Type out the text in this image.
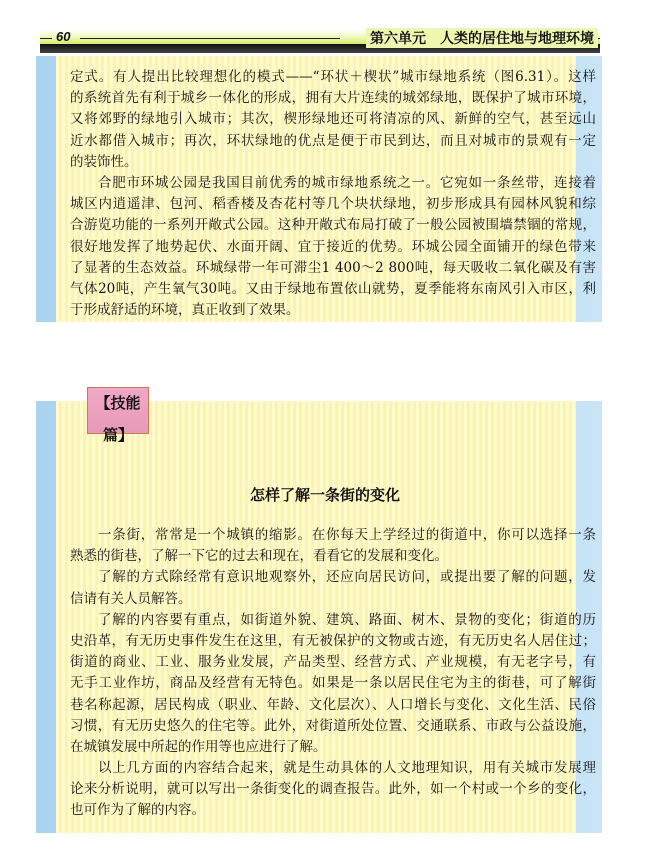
60	第六单元　人类的居住地与地理环境
定式。有人提出比较理想化的模式——“环状＋楔状”城市绿地系统（图6.31）。这样
的系统首先有利于城乡一体化的形成，拥有大片连续的城郊绿地，既保护了城市环境，
又将郊野的绿地引入城市；其次，楔形绿地还可将清凉的风、新鲜的空气，甚至远山
近水都借入城市；再次，环状绿地的优点是便于市民到达，而且对城市的景观有一定
的装饰性。
合肥市环城公园是我国目前优秀的城市绿地系统之一。它宛如一条丝带，连接着
城区内逍遥津、包河、稻香楼及杏花村等几个块状绿地，初步形成具有园林风貌和综
合游览功能的一系列开敞式公园。这种开敞式布局打破了一般公园被围墙禁锢的常规，
很好地发挥了地势起伏、水面开阔、宜于接近的优势。环城公园全面铺开的绿色带来
了显著的生态效益。环城绿带一年可滞尘1 400～2 800吨，每天吸收二氧化碳及有害
气体20吨，产生氧气30吨。又由于绿地布置依山就势，夏季能将东南风引入市区，利
于形成舒适的环境，真正收到了效果。
一条街，常常是一个城镇的缩影。在你每天上学经过的街道中，你可以选择一条
熟悉的街巷，了解一下它的过去和现在，看看它的发展和变化。
了解的方式除经常有意识地观察外，还应向居民访问，或提出要了解的问题，发
信请有关人员解答。
了解的内容要有重点，如街道外貌、建筑、路面、树木、景物的变化；街道的历
史沿革，有无历史事件发生在这里，有无被保护的文物或古迹，有无历史名人居住过；
街道的商业、工业、服务业发展，产品类型、经营方式、产业规模，有无老字号，有
无手工业作坊，商品及经营有无特色。如果是一条以居民住宅为主的街巷，可了解街
巷名称起源，居民构成（职业、年龄、文化层次）、人口增长与变化、文化生活、民俗
习惯，有无历史悠久的住宅等。此外，对街道所处位置、交通联系、市政与公益设施，
在城镇发展中所起的作用等也应进行了解。
以上几方面的内容结合起来，就是生动具体的人文地理知识，用有关城市发展理
论来分析说明，就可以写出一条街变化的调查报告。此外，如一个村或一个乡的变化，
也可作为了解的内容。
【技能篇】
怎样了解一条街的变化
